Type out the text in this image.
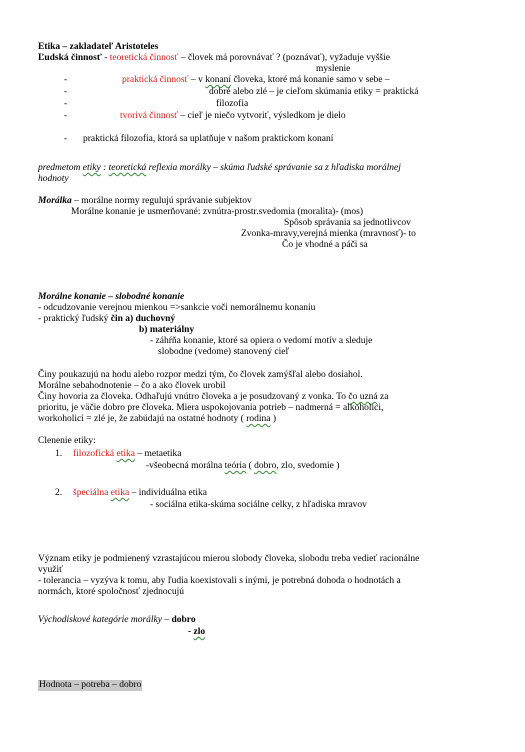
Etika – zakladateľ Aristoteles
Ľudská činnosť - teoretická činnosť – človek má porovnávať ? (poznávať), vyžaduje vyššie
myslenie
-	praktická činnosť – v konaní človeka, ktoré má konanie samo v sebe –
-	dobré alebo zlé – je cieľom skúmania etiky = praktická
-	filozofia
-	tvorivá činnosť – cieľ je niečo vytvoriť, výsledkom je dielo
- praktická filozofia, ktorá sa uplatňuje v našom praktickom konaní
predmetom etiky : teoretická reflexia morálky – skúma ľudské správanie sa z hľadiska morálnej
hodnoty
Morálka – morálne normy regulujú správanie subjektov
Morálne konanie je usmerňované: zvnútra-prostr.svedomia (moralita)- (mos)
Spôsob správania sa jednotlivcov
Zvonka-mravy,verejná mienka (mravnosť)- to
Čo je vhodné a páči sa
Morálne konanie – slobodné konanie
- odcudzovanie verejnou mienkou =>sankcie voči nemorálnemu konaniu
- praktický ľudský čin a) duchovný
b) materiálny
- záhŕňa konanie, ktoré sa opiera o vedomí motív a sleduje
slobodne (vedome) stanovený cieľ
Činy poukazujú na hodu alebo rozpor medzi tým, čo človek zamýšľal alebo dosiahol.
Morálne sebahodnotenie – čo a ako človek urobil
Činy hovoria za človeka. Odhaľujú vnútro človeka a je posudzovaný z vonka. To čo uzná za
prioritu, je väčie dobro pre človeka. Miera uspokojovania potrieb – nadmerná = alkoholici,
workoholici = zlé je, že zabúdajú na ostatné hodnoty ( rodina )
Clenenie etiky:
1. filozofická etika – metaetika
-všeobecná morálna teória ( dobro, zlo, svedomie )
2. špeciálna etika – individuálna etika
- sociálna etika-skúma sociálne celky, z hľadiska mravov
Význam etiky je podmienený vzrastajúcou mierou slobody človeka, slobodu treba vedieť racionálne
využiť
- tolerancia – vyzýva k tomu, aby ľudia koexistovali s inými, je potrebná dohoda o hodnotách a
normách, ktoré spoločnosť zjednocujú
Východiskové kategórie morálky – dobro
- zlo
Hodnota – potreba – dobro
